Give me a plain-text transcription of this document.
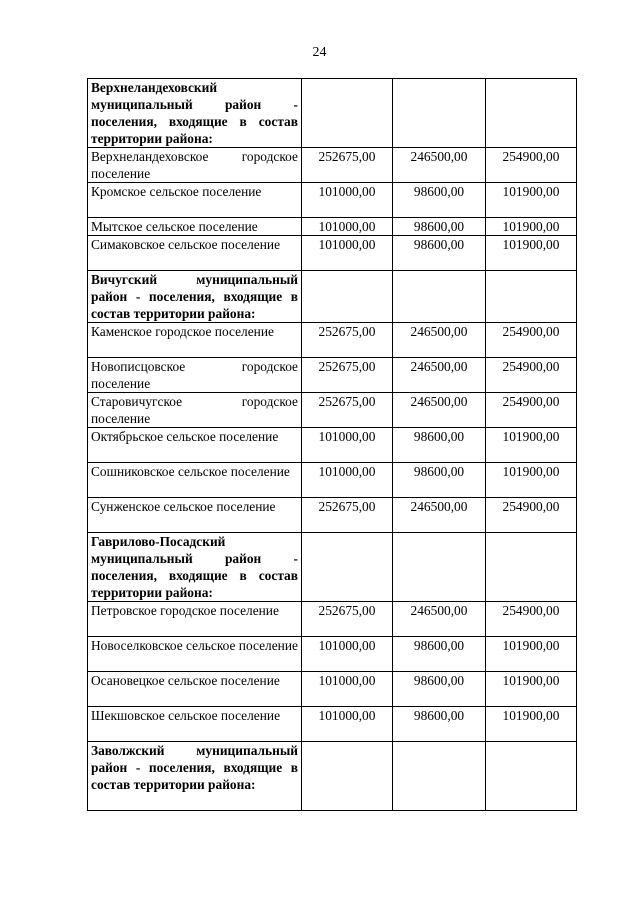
24
Верхнеландеховский муниципальный район - поселения, входящие в состав территории района:			
Верхнеландеховское городское поселение	252675,00	246500,00	254900,00
Кромское сельское поселение	101000,00	98600,00	101900,00
Мытское сельское поселение	101000,00	98600,00	101900,00
Симаковское сельское поселение	101000,00	98600,00	101900,00
Вичугский муниципальный район - поселения, входящие в состав территории района:			
Каменское городское поселение	252675,00	246500,00	254900,00
Новописцовское городское поселение	252675,00	246500,00	254900,00
Старовичугское городское поселение	252675,00	246500,00	254900,00
Октябрьское сельское поселение	101000,00	98600,00	101900,00
Сошниковское сельское поселение	101000,00	98600,00	101900,00
Сунженское сельское поселение	252675,00	246500,00	254900,00
Гаврилово-Посадский муниципальный район - поселения, входящие в состав территории района:			
Петровское городское поселение	252675,00	246500,00	254900,00
Новоселковское сельское поселение	101000,00	98600,00	101900,00
Осановецкое сельское поселение	101000,00	98600,00	101900,00
Шекшовское сельское поселение	101000,00	98600,00	101900,00
Заволжский муниципальный район - поселения, входящие в состав территории района:			
